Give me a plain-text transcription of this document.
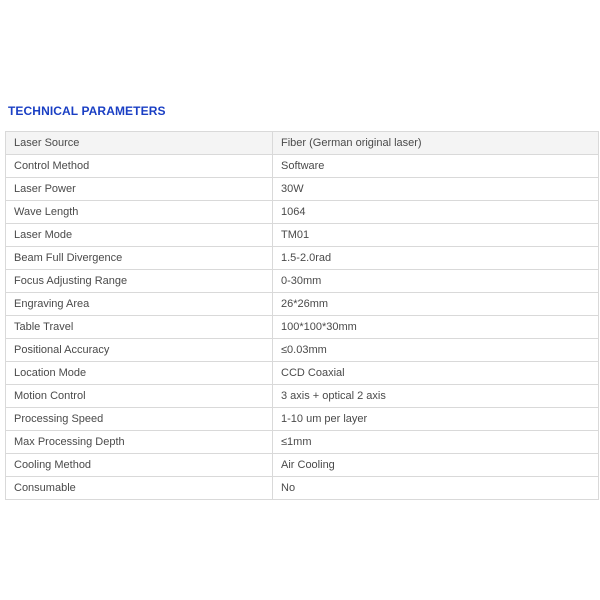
TECHNICAL PARAMETERS
Laser Source	Fiber (German original laser)
Control Method	Software
Laser Power	30W
Wave Length	1064
Laser Mode	TM01
Beam Full Divergence	1.5-2.0rad
Focus Adjusting Range	0-30mm
Engraving Area	26*26mm
Table Travel	100*100*30mm
Positional Accuracy	≤0.03mm
Location Mode	CCD Coaxial
Motion Control	3 axis + optical 2 axis
Processing Speed	1-10 um per layer
Max Processing Depth	≤1mm
Cooling Method	Air Cooling
Consumable	No
